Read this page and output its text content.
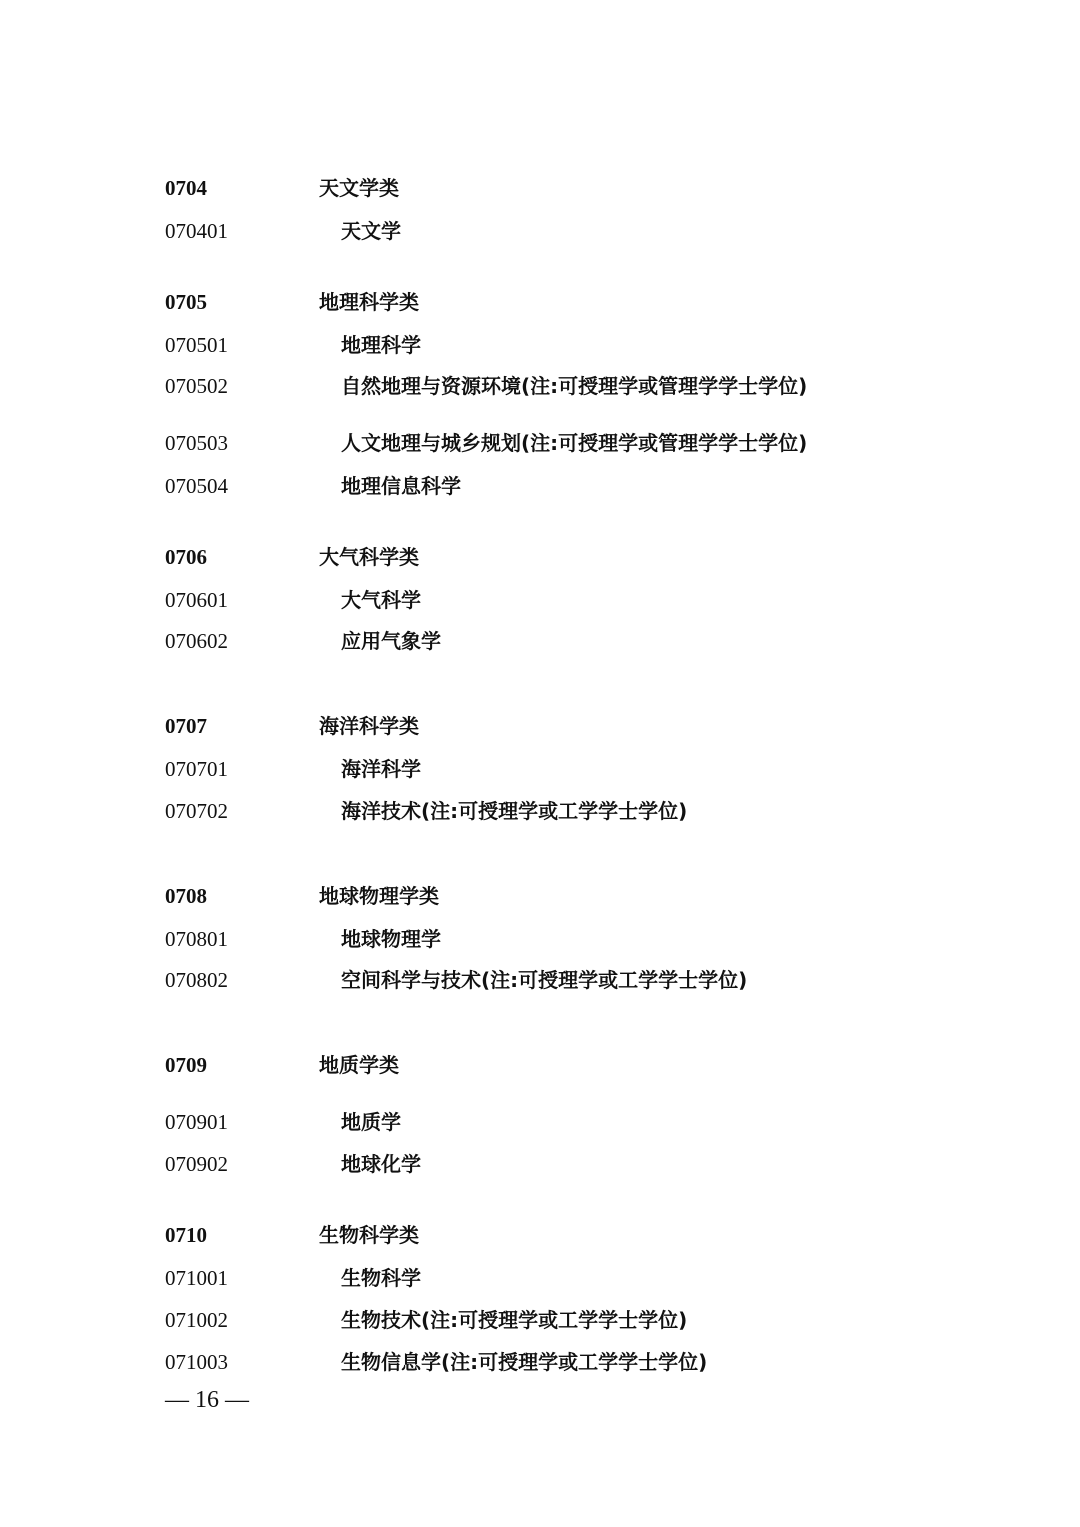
0704	天文学类
070401	天文学
0705	地理科学类
070501	地理科学
070502	自然地理与资源环境(注:可授理学或管理学学士学位)
070503	人文地理与城乡规划(注:可授理学或管理学学士学位)
070504	地理信息科学
0706	大气科学类
070601	大气科学
070602	应用气象学
0707	海洋科学类
070701	海洋科学
070702	海洋技术(注:可授理学或工学学士学位)
0708	地球物理学类
070801	地球物理学
070802	空间科学与技术(注:可授理学或工学学士学位)
0709	地质学类
070901	地质学
070902	地球化学
0710	生物科学类
071001	生物科学
071002	生物技术(注:可授理学或工学学士学位)
071003	生物信息学(注:可授理学或工学学士学位)
— 16 —
